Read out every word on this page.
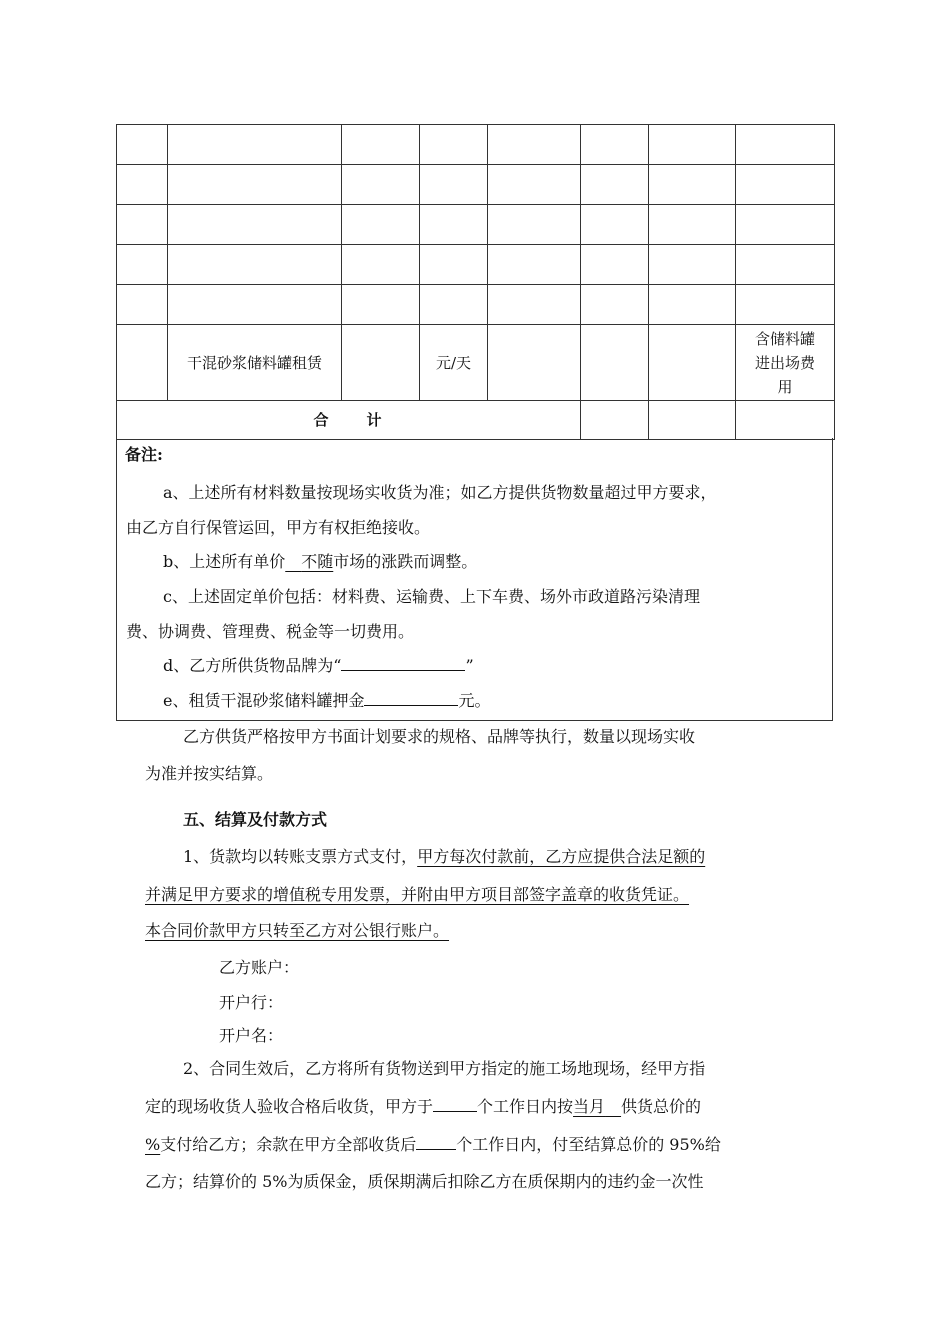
	干混砂浆储料罐租赁		元/天				含储料罐
进出场费
用

合 计							
备注:
a、上述所有材料数量按现场实收货为准；如乙方提供货物数量超过甲方要求，
由乙方自行保管运回，甲方有权拒绝接收。
b、上述所有单价  不随市场的涨跌而调整。
c、上述固定单价包括：材料费、运输费、上下车费、场外市政道路污染清理
费、协调费、管理费、税金等一切费用。
d、乙方所供货物品牌为“	”
e、租赁干混砂浆储料罐押金	元。
乙方供货严格按甲方书面计划要求的规格、品牌等执行，数量以现场实收
为准并按实结算。
五、结算及付款方式
1、货款均以转账支票方式支付，甲方每次付款前，乙方应提供合法足额的
并满足甲方要求的增值税专用发票，并附由甲方项目部签字盖章的收货凭证。
本合同价款甲方只转至乙方对公银行账户。
乙方账户：
开户行：
开户名：
2、合同生效后，乙方将所有货物送到甲方指定的施工场地现场，经甲方指
定的现场收货人验收合格后收货，甲方于	个工作日内按当月  供货总价的
%支付给乙方；余款在甲方全部收货后	个工作日内，付至结算总价的 95%给
乙方；结算价的 5%为质保金，质保期满后扣除乙方在质保期内的违约金一次性
